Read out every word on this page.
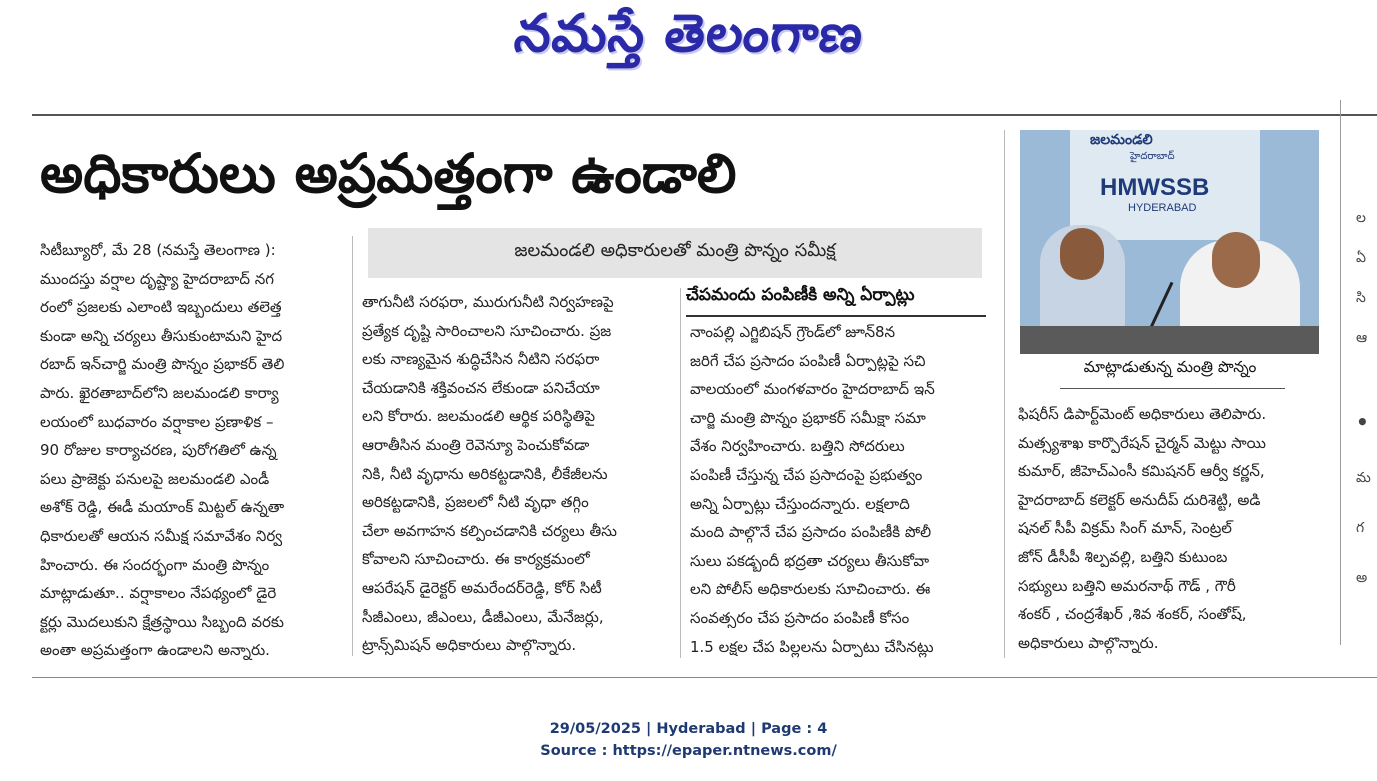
నమస్తే తెలంగాణ
ల
ఏ
సి
ఆ
•
మ
గ
అ
అధికారులు అప్రమత్తంగా ఉండాలి

సిటీబ్యూరో, మే 28 (నమస్తే తెలంగాణ ):

ముందస్తు వర్షాల దృష్ట్యా హైదరాబాద్ నగ

రంలో ప్రజలకు ఎలాంటి ఇబ్బందులు తలెత్త

కుండా అన్ని చర్యలు తీసుకుంటామని హైద

రబాద్ ఇన్‌చార్జి మంత్రి పొన్నం ప్రభాకర్ తెలి

పారు. ఖైరతాబాద్‌లోని జలమండలి కార్యా

లయంలో బుధవారం వర్షాకాల ప్రణాళిక –

90 రోజుల కార్యాచరణ, పురోగతిలో ఉన్న

పలు ప్రాజెక్టు పనులపై జలమండలి ఎండీ

అశోక్ రెడ్డి, ఈడీ మయాంక్ మిట్టల్ ఉన్నతా

ధికారులతో ఆయన సమీక్ష సమావేశం నిర్వ

హించారు. ఈ సందర్భంగా మంత్రి పొన్నం

మాట్లాడుతూ.. వర్షాకాలం నేపథ్యంలో డైరె

క్టర్లు మొదలుకుని క్షేత్రస్థాయి సిబ్బంది వరకు

అంతా అప్రమత్తంగా ఉండాలని అన్నారు.

జలమండలి అధికారులతో మంత్రి పొన్నం సమీక్ష

తాగునీటి సరఫరా, మురుగునీటి నిర్వహణపై

ప్రత్యేక దృష్టి సారించాలని సూచించారు. ప్రజ

లకు నాణ్యమైన శుద్ధిచేసిన నీటిని సరఫరా

చేయడానికి శక్తివంచన లేకుండా పనిచేయా

లని కోరారు. జలమండలి ఆర్థిక పరిస్థితిపై

ఆరాతీసిన మంత్రి రెవెన్యూ పెంచుకోవడా

నికి, నీటి వృధాను అరికట్టడానికి, లీకేజీలను

అరికట్టడానికి, ప్రజలలో నీటి వృధా తగ్గిం

చేలా అవగాహన కల్పించడానికి చర్యలు తీసు

కోవాలని సూచించారు. ఈ కార్యక్రమంలో

ఆపరేషన్ డైరెక్టర్ అమరేందర్‌రెడ్డి, కోర్ సిటీ

సీజీఎంలు, జీఎంలు, డీజీఎంలు, మేనేజర్లు,

ట్రాన్స్‌మిషన్ అధికారులు పాల్గొన్నారు.

చేపమందు పంపిణీకి అన్ని ఏర్పాట్లు

నాంపల్లి ఎగ్జిబిషన్ గ్రౌండ్‌లో జూన్8న

జరిగే చేప ప్రసాదం పంపిణీ ఏర్పాట్లపై సచి

వాలయంలో మంగళవారం హైదరాబాద్ ఇన్

చార్జి మంత్రి పొన్నం ప్రభాకర్ సమీక్షా సమా

వేశం నిర్వహించారు. బత్తిని సోదరులు

పంపిణీ చేస్తున్న చేప ప్రసాదంపై ప్రభుత్వం

అన్ని ఏర్పాట్లు చేస్తుందన్నారు. లక్షలాది

మంది పాల్గొనే చేప ప్రసాదం పంపిణీకి పోలీ

సులు పకడ్బందీ భద్రతా చర్యలు తీసుకోవా

లని పోలీస్ అధికారులకు సూచించారు. ఈ

సంవత్సరం చేప ప్రసాదం పంపిణీ కోసం

1.5 లక్షల చేప పిల్లలను ఏర్పాటు చేసినట్లు

జలమండలి
హైదరాబాద్
HMWSSB
HYDERABAD
మాట్లాడుతున్న మంత్రి పొన్నం

ఫిషరీస్ డిపార్ట్‌మెంట్ అధికారులు తెలిపారు.

మత్స్యశాఖ కార్పొరేషన్ చైర్మన్ మెట్టు సాయి

కుమార్, జీహెచ్‌ఎంసీ కమిషనర్ ఆర్వీ కర్ణన్,

హైదరాబాద్ కలెక్టర్ అనుదీప్ దురిశెట్టి, అడి

షనల్ సీపీ విక్రమ్ సింగ్ మాన్, సెంట్రల్

జోన్ డీసీపీ శిల్పవల్లి, బత్తిని కుటుంబ

సభ్యులు బత్తిని అమరనాథ్ గౌడ్ , గౌరీ

శంకర్ , చంద్రశేఖర్ ,శివ శంకర్, సంతోష్,

అధికారులు పాల్గొన్నారు.

29/05/2025 | Hyderabad | Page : 4
Source : https://epaper.ntnews.com/
